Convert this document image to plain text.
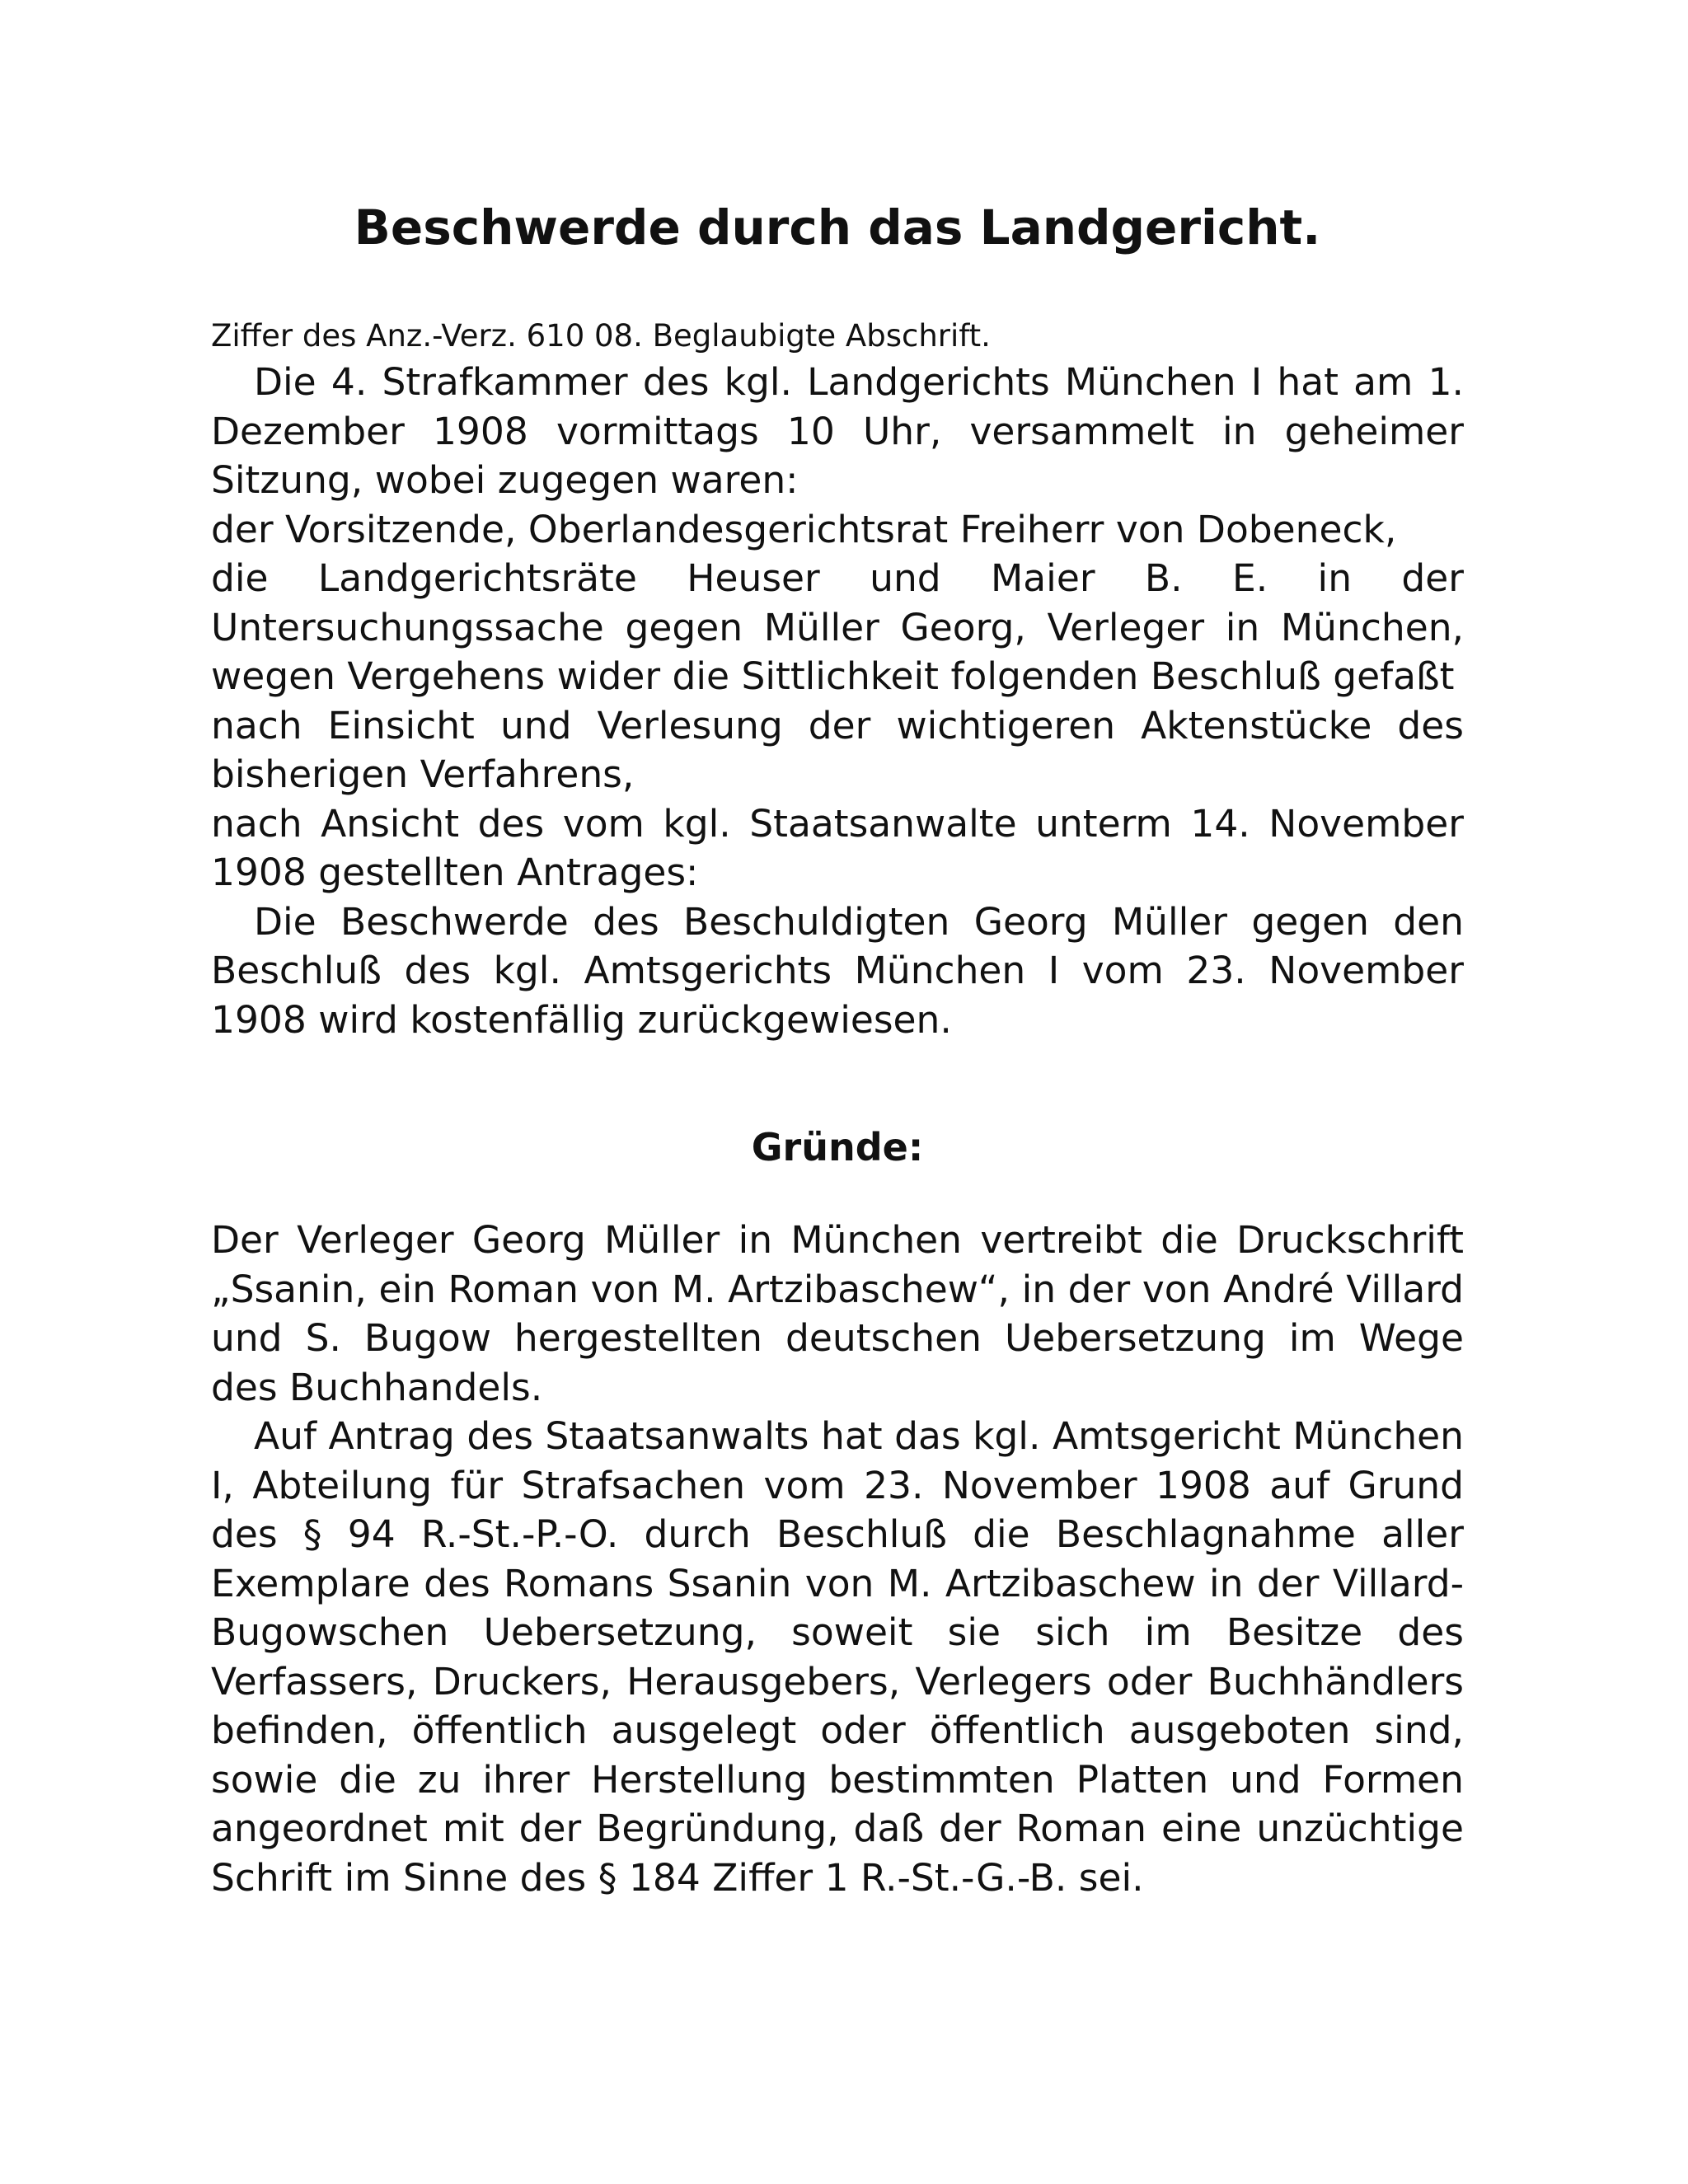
Beschwerde durch das Landgericht.
Ziffer des Anz.-Verz. 610 08. Beglaubigte Abschrift.

Die 4. Strafkammer des kgl. Landgerichts München I hat am 1. Dezember 1908 vormittags 10 Uhr, versammelt in geheimer Sitzung, wobei zugegen waren:

der Vorsitzende, Oberlandesgerichtsrat Freiherr von Dobeneck,

die Landgerichtsräte Heuser und Maier B. E. in der Untersuchungssache gegen Müller Georg, Verleger in München, wegen Vergehens wider die Sittlichkeit folgenden Beschluß gefaßt

nach Einsicht und Verlesung der wichtigeren Aktenstücke des bisherigen Verfahrens,

nach Ansicht des vom kgl. Staatsanwalte unterm 14. November 1908 gestellten Antrages:

Die Beschwerde des Beschuldigten Georg Müller gegen den Beschluß des kgl. Amtsgerichts München I vom 23. November 1908 wird kostenfällig zurückgewiesen.

Gründe:

Der Verleger Georg Müller in München vertreibt die Druckschrift „Ssanin, ein Roman von M. Artzibaschew“, in der von André Villard und S. Bugow hergestellten deutschen Uebersetzung im Wege des Buchhandels.

Auf Antrag des Staatsanwalts hat das kgl. Amtsgericht München I, Abteilung für Strafsachen vom 23. November 1908 auf Grund des § 94 R.-St.-P.-O. durch Beschluß die Beschlagnahme aller Exemplare des Romans Ssanin von M. Artzibaschew in der Villard-Bugowschen Uebersetzung, soweit sie sich im Besitze des Verfassers, Druckers, Herausgebers, Verlegers oder Buchhändlers befinden, öffentlich ausgelegt oder öffentlich ausgeboten sind, sowie die zu ihrer Herstellung bestimmten Platten und Formen angeordnet mit der Begründung, daß der Roman eine unzüchtige Schrift im Sinne des § 184 Ziffer 1 R.-St.-G.-B. sei.
